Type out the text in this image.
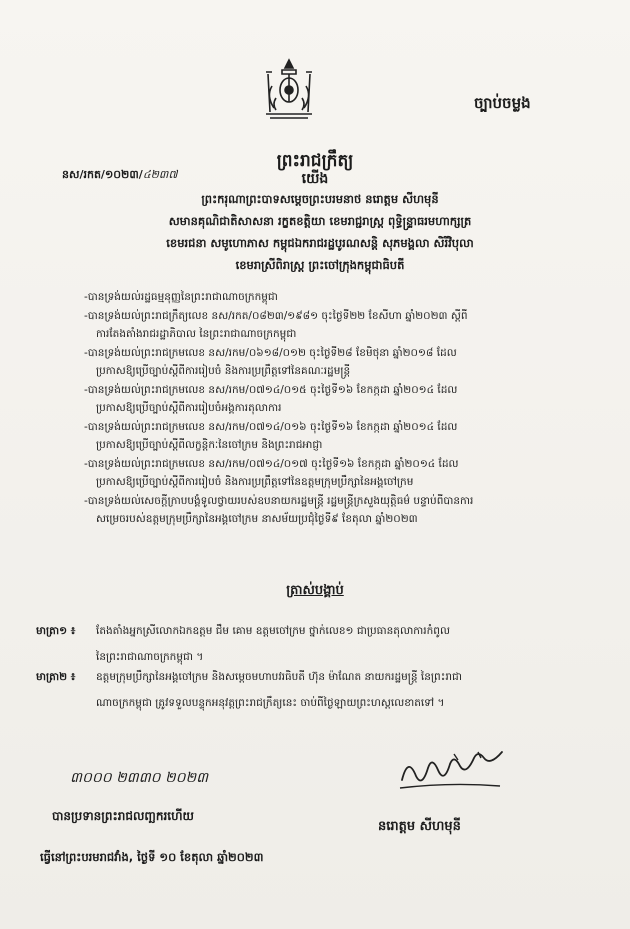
ច្បាប់ចម្លង
ព្រះរាជក្រឹត្យ
យើង
នស/រកត/១០២៣/៤២៣៧
ព្រះករុណាព្រះបាទសម្តេចព្រះបរមនាថ នរោត្តម សីហមុនី
សមានគុណិជាតិសាសនា រក្ខតខត្តិយា ខេមរាជ្ជរាស្ត្រ ពុទ្ធិន្ទ្រាធរមហាក្សត្រ
ខេមរជនា សមូហោភាស កម្ពុជឯករាជរដ្ឋបូរណសន្តិ សុភមង្គលា សិរីវិបុលា
ខេមរាស្រីពិរាស្ត្រ ព្រះចៅក្រុងកម្ពុជាធិបតី
-បានទ្រង់យល់រដ្ឋធម្មនុញ្ញនៃព្រះរាជាណាចក្រកម្ពុជា
-បានទ្រង់យល់ព្រះរាជក្រឹត្យលេខ នស/រកត/០៨២៣/១៩៨១ ចុះថ្ងៃទី២២ ខែសីហា ឆ្នាំ២០២៣ ស្តីពី
ការតែងតាំងរាជរដ្ឋាភិបាល នៃព្រះរាជាណាចក្រកម្ពុជា
-បានទ្រង់យល់ព្រះរាជក្រមលេខ នស/រកម/០៦១៨/០១២ ចុះថ្ងៃទី២៨ ខែមិថុនា ឆ្នាំ២០១៨ ដែល
ប្រកាសឱ្យប្រើច្បាប់ស្តីពីការរៀបចំ និងការប្រព្រឹត្តទៅនៃគណៈរដ្ឋមន្ត្រី
-បានទ្រង់យល់ព្រះរាជក្រមលេខ នស/រកម/០៧១៤/០១៥ ចុះថ្ងៃទី១៦ ខែកក្កដា ឆ្នាំ២០១៤ ដែល
ប្រកាសឱ្យប្រើច្បាប់ស្តីពីការរៀបចំអង្គការតុលាការ
-បានទ្រង់យល់ព្រះរាជក្រមលេខ នស/រកម/០៧១៤/០១៦ ចុះថ្ងៃទី១៦ ខែកក្កដា ឆ្នាំ២០១៤ ដែល
ប្រកាសឱ្យប្រើច្បាប់ស្តីពីលក្ខន្តិកៈនៃចៅក្រម និងព្រះរាជអាជ្ញា
-បានទ្រង់យល់ព្រះរាជក្រមលេខ នស/រកម/០៧១៤/០១៧ ចុះថ្ងៃទី១៦ ខែកក្កដា ឆ្នាំ២០១៤ ដែល
ប្រកាសឱ្យប្រើច្បាប់ស្តីពីការរៀបចំ និងការប្រព្រឹត្តទៅនៃឧត្តមក្រុមប្រឹក្សានៃអង្គចៅក្រម
-បានទ្រង់យល់សេចក្តីក្រាបបង្គំទូលថ្វាយរបស់ឧបនាយករដ្ឋមន្ត្រី រដ្ឋមន្ត្រីក្រសួងយុត្តិធម៌ បន្ទាប់ពីបានការ
សម្រេចរបស់ឧត្តមក្រុមប្រឹក្សានៃអង្គចៅក្រម នាសម័យប្រជុំថ្ងៃទី៩ ខែតុលា ឆ្នាំ២០២៣
ត្រាស់បង្គាប់
មាត្រា១ ៖ តែងតាំងអ្នកស្រីលោកឯកឧត្តម ជឹម គោម ឧត្តមចៅក្រម ថ្នាក់លេខ១ ជាប្រធានតុលាការកំពូល
នៃព្រះរាជាណាចក្រកម្ពុជា ។
មាត្រា២ ៖ ឧត្តមក្រុមប្រឹក្សានៃអង្គចៅក្រម និងសម្តេចមហាបវរធិបតី ហ៊ុន ម៉ាណែត នាយករដ្ឋមន្ត្រី នៃព្រះរាជា
ណាចក្រកម្ពុជា ត្រូវទទួលបន្ទុកអនុវត្តព្រះរាជក្រឹត្យនេះ ចាប់ពីថ្ងៃឡាយព្រះហស្តលេខាតទៅ ។
៣០០០ ២៣៣០ ២០២៣
បានប្រទានព្រះរាជលញ្ឆករហើយ
ធ្វើនៅព្រះបរមរាជវាំង, ថ្ងៃទី ១០ ខែតុលា ឆ្នាំ២០២៣
នរោត្តម សីហមុនី
